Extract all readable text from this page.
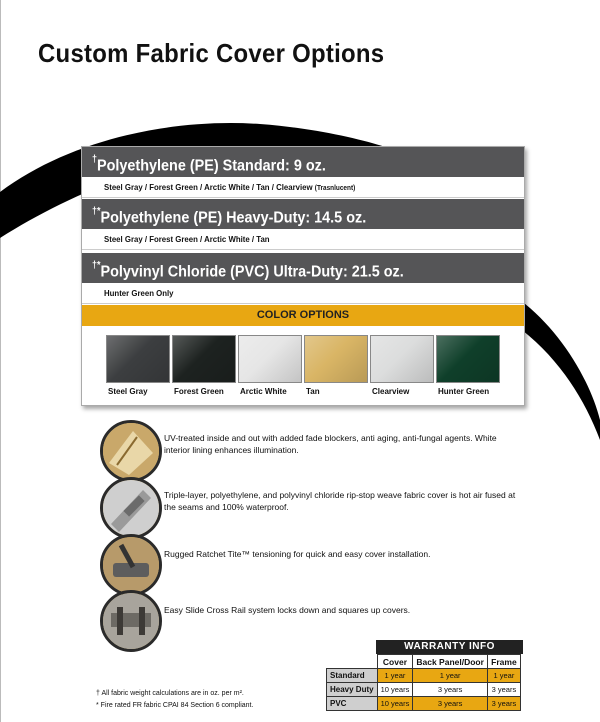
Custom Fabric Cover Options
†Polyethylene (PE) Standard: 9 oz.
Steel Gray / Forest Green / Arctic White / Tan / Clearview (Trasnlucent)
†*Polyethylene (PE) Heavy-Duty: 14.5 oz.
Steel Gray / Forest Green / Arctic White / Tan
†*Polyvinyl Chloride (PVC) Ultra-Duty: 21.5 oz.
Hunter Green Only
COLOR OPTIONS
Steel Gray	Forest Green Arctic White Tan	Clearview	Hunter Green
UV-treated inside and out with added fade blockers, anti aging, anti-fungal agents. White interior lining enhances illumination.
Triple-layer, polyethylene, and polyvinyl chloride rip-stop weave fabric cover is hot air fused at the seams and 100% waterproof.
Rugged Ratchet Tite™ tensioning for quick and easy cover installation.
Easy Slide Cross Rail system locks down and squares up covers.
WARRANTY INFO
	Cover	Back Panel/Door	Frame
Standard	1 year	1 year	1 year
Heavy Duty	10 years	3 years	3 years
PVC	10 years	3 years	3 years
† All fabric weight calculations are in oz. per m².
* Fire rated FR fabric CPAI 84 Section 6 compliant.
